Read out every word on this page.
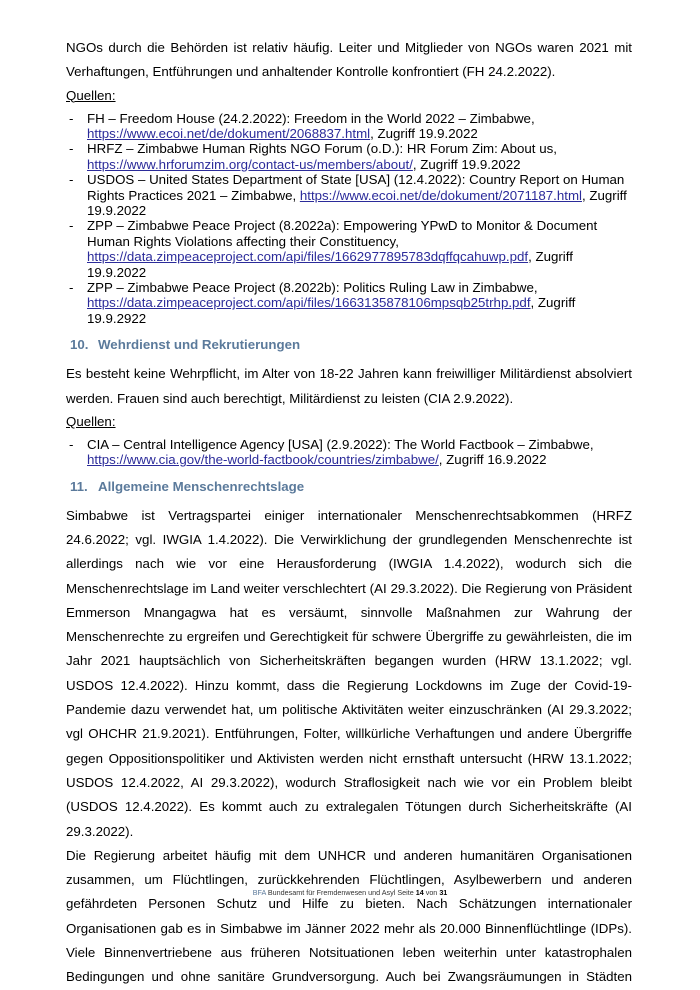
NGOs durch die Behörden ist relativ häufig. Leiter und Mitglieder von NGOs waren 2021 mit Verhaftungen, Entführungen und anhaltender Kontrolle konfrontiert (FH 24.2.2022).

Quellen:
- FH – Freedom House (24.2.2022): Freedom in the World 2022 – Zimbabwe, https://www.ecoi.net/de/dokument/2068837.html, Zugriff 19.9.2022
- HRFZ – Zimbabwe Human Rights NGO Forum (o.D.): HR Forum Zim: About us, https://www.hrforumzim.org/contact-us/members/about/, Zugriff 19.9.2022
- USDOS – United States Department of State [USA] (12.4.2022): Country Report on Human Rights Practices 2021 – Zimbabwe, https://www.ecoi.net/de/dokument/2071187.html, Zugriff 19.9.2022
- ZPP – Zimbabwe Peace Project (8.2022a): Empowering YPwD to Monitor & Document Human Rights Violations affecting their Constituency, https://data.zimpeaceproject.com/api/files/1662977895783dqffqcahuwp.pdf, Zugriff 19.9.2022
- ZPP – Zimbabwe Peace Project (8.2022b): Politics Ruling Law in Zimbabwe, https://data.zimpeaceproject.com/api/files/1663135878106mpsqb25trhp.pdf, Zugriff 19.9.2922
10. Wehrdienst und Rekrutierungen

Es besteht keine Wehrpflicht, im Alter von 18-22 Jahren kann freiwilliger Militärdienst absolviert werden. Frauen sind auch berechtigt, Militärdienst zu leisten (CIA 2.9.2022).

Quellen:
- CIA – Central Intelligence Agency [USA] (2.9.2022): The World Factbook – Zimbabwe, https://www.cia.gov/the-world-factbook/countries/zimbabwe/, Zugriff 16.9.2022
11. Allgemeine Menschenrechtslage

Simbabwe ist Vertragspartei einiger internationaler Menschenrechtsabkommen (HRFZ 24.6.2022; vgl. IWGIA 1.4.2022). Die Verwirklichung der grundlegenden Menschenrechte ist allerdings nach wie vor eine Herausforderung (IWGIA 1.4.2022), wodurch sich die Menschenrechtslage im Land weiter verschlechtert (AI 29.3.2022). Die Regierung von Präsident Emmerson Mnangagwa hat es versäumt, sinnvolle Maßnahmen zur Wahrung der Menschenrechte zu ergreifen und Gerechtigkeit für schwere Übergriffe zu gewährleisten, die im Jahr 2021 hauptsächlich von Sicherheitskräften begangen wurden (HRW 13.1.2022; vgl. USDOS 12.4.2022). Hinzu kommt, dass die Regierung Lockdowns im Zuge der Covid-19-Pandemie dazu verwendet hat, um politische Aktivitäten weiter einzuschränken (AI 29.3.2022; vgl OHCHR 21.9.2021). Entführungen, Folter, willkürliche Verhaftungen und andere Übergriffe gegen Oppositionspolitiker und Aktivisten werden nicht ernsthaft untersucht (HRW 13.1.2022; USDOS 12.4.2022, AI 29.3.2022), wodurch Straflosigkeit nach wie vor ein Problem bleibt (USDOS 12.4.2022). Es kommt auch zu extralegalen Tötungen durch Sicherheitskräfte (AI 29.3.2022).

Die Regierung arbeitet häufig mit dem UNHCR und anderen humanitären Organisationen zusammen, um Flüchtlingen, zurückkehrenden Flüchtlingen, Asylbewerbern und anderen gefährdeten Personen Schutz und Hilfe zu bieten. Nach Schätzungen internationaler Organisationen gab es in Simbabwe im Jänner 2022 mehr als 20.000 Binnenflüchtlinge (IDPs). Viele Binnenvertriebene aus früheren Notsituationen leben weiterhin unter katastrophalen Bedingungen und ohne sanitäre Grundversorgung. Auch bei Zwangsräumungen in Städten

BFA Bundesamt für Fremdenwesen und Asyl Seite 14 von 31
